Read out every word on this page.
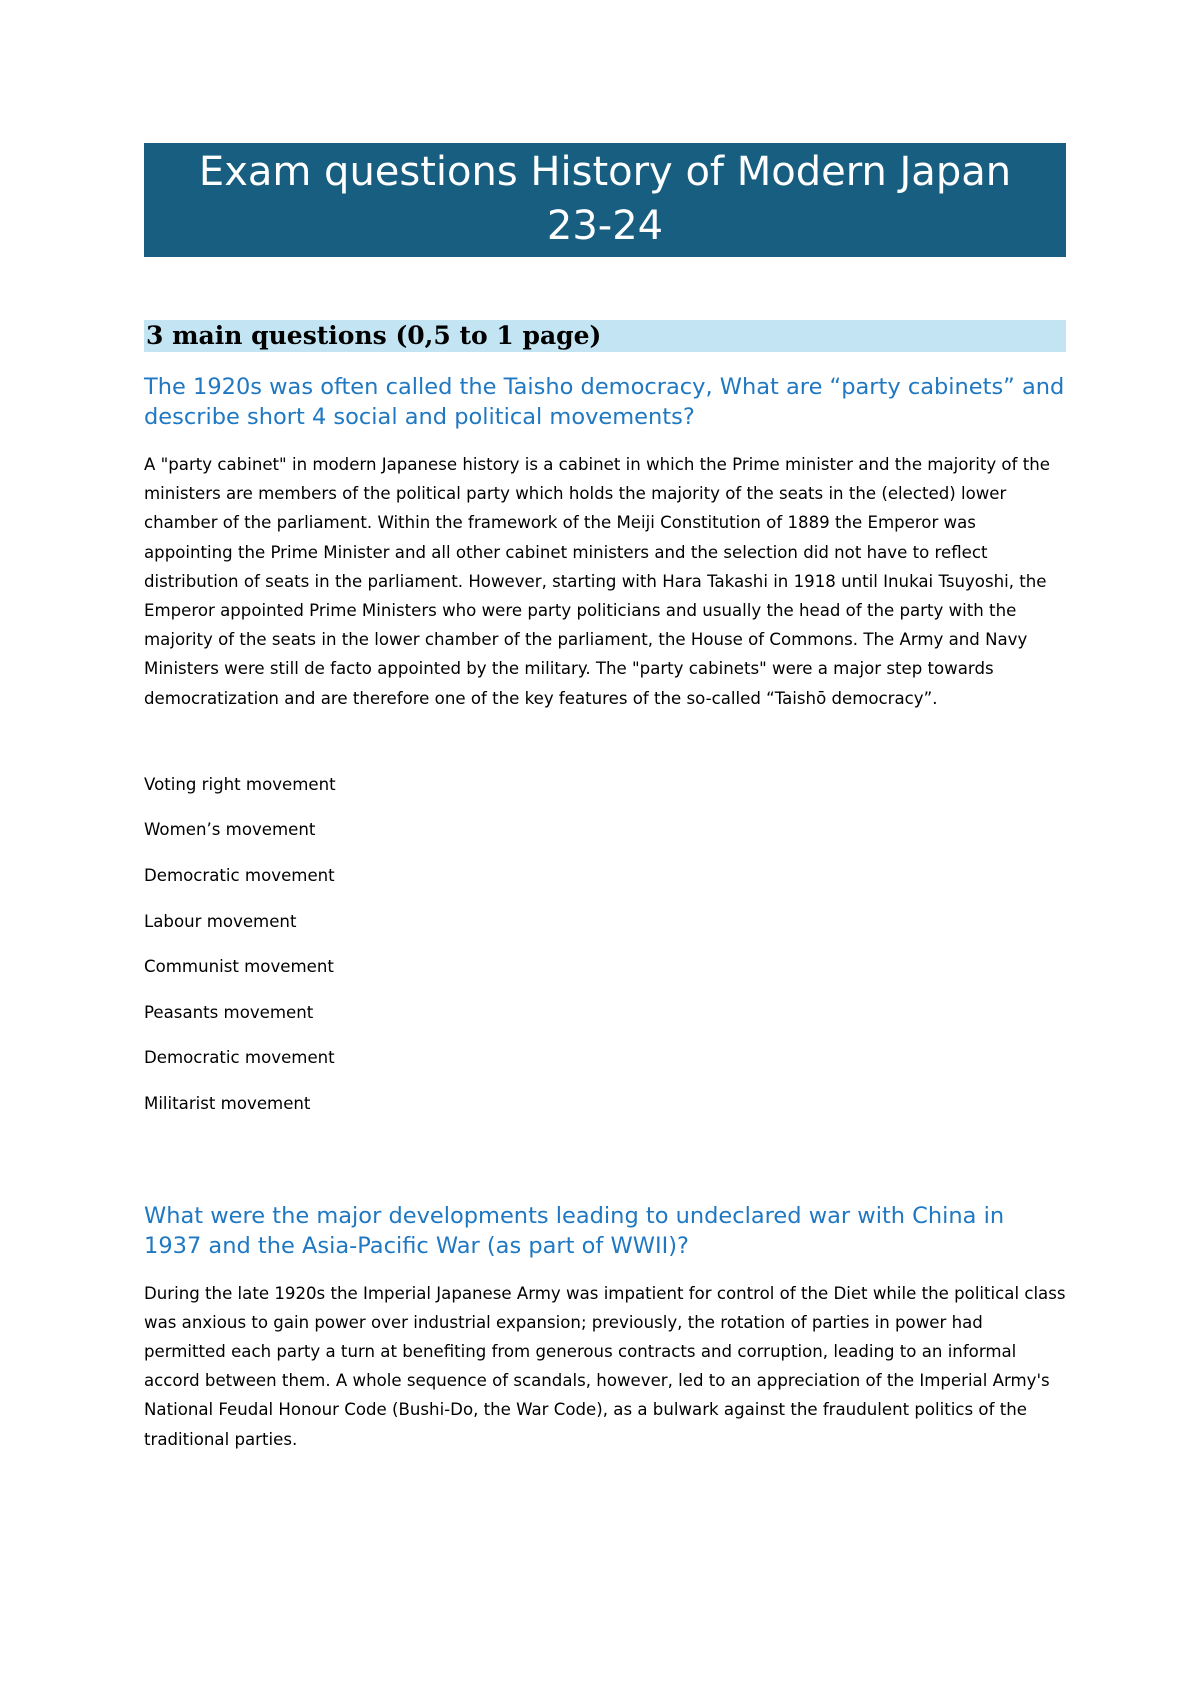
Exam questions History of Modern Japan
23-24
3 main questions (0,5 to 1 page)

The 1920s was often called the Taisho democracy, What are “party cabinets” and describe short 4 social and political movements?

A "party cabinet" in modern Japanese history is a cabinet in which the Prime minister and the majority of the ministers are members of the political party which holds the majority of the seats in the (elected) lower chamber of the parliament. Within the framework of the Meiji Constitution of 1889 the Emperor was appointing the Prime Minister and all other cabinet ministers and the selection did not have to reflect distribution of seats in the parliament. However, starting with Hara Takashi in 1918 until Inukai Tsuyoshi, the Emperor appointed Prime Ministers who were party politicians and usually the head of the party with the majority of the seats in the lower chamber of the parliament, the House of Commons. The Army and Navy Ministers were still de facto appointed by the military. The "party cabinets" were a major step towards democratization and are therefore one of the key features of the so-called “Taishō democracy”.

Voting right movement
Women’s movement
Democratic movement
Labour movement
Communist movement
Peasants movement
Democratic movement
Militarist movement

What were the major developments leading to undeclared war with China in 1937 and the Asia-Pacific War (as part of WWII)?

During the late 1920s the Imperial Japanese Army was impatient for control of the Diet while the political class was anxious to gain power over industrial expansion; previously, the rotation of parties in power had permitted each party a turn at benefiting from generous contracts and corruption, leading to an informal accord between them. A whole sequence of scandals, however, led to an appreciation of the Imperial Army's National Feudal Honour Code (Bushi-Do, the War Code), as a bulwark against the fraudulent politics of the traditional parties.
